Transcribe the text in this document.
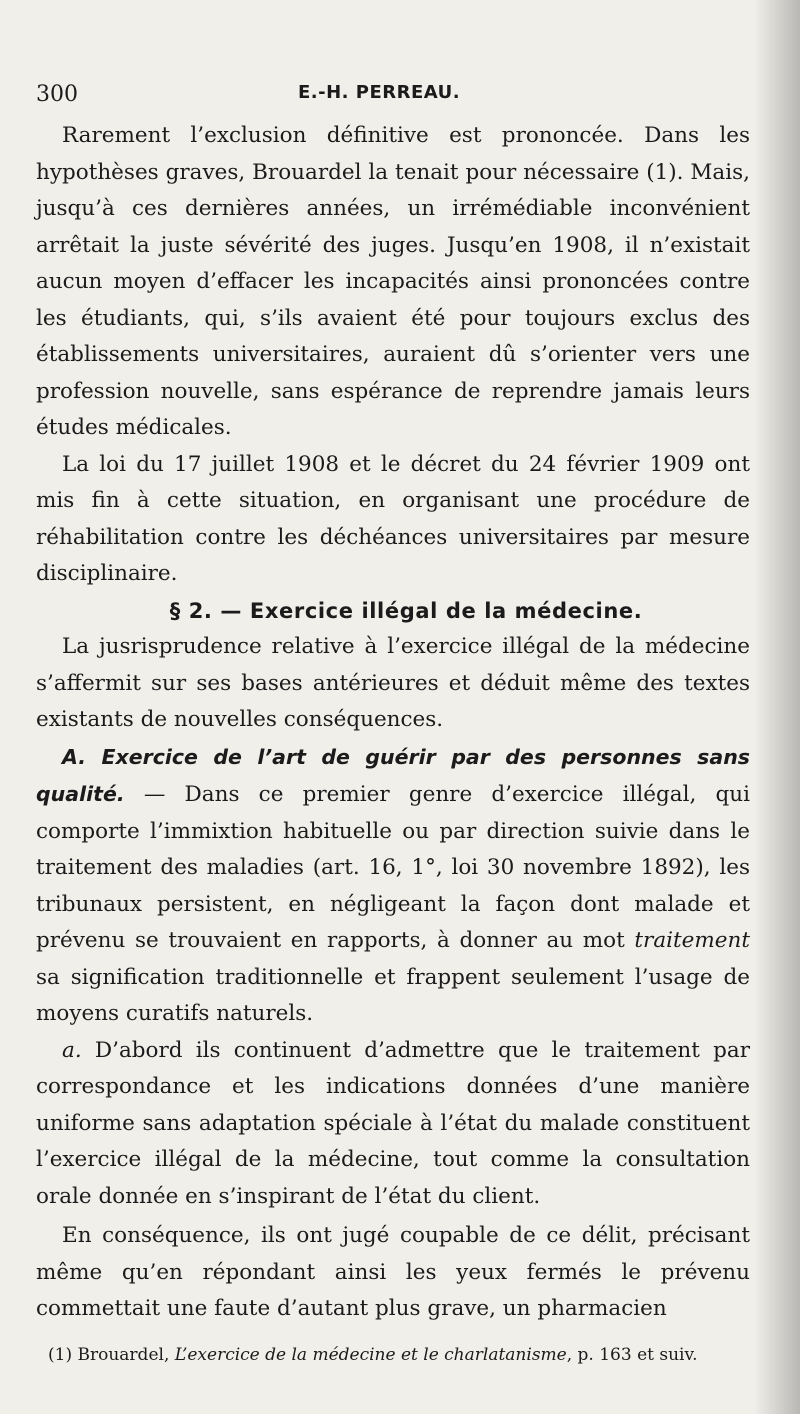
300	E.-H. PERREAU.

Rarement l’exclusion définitive est prononcée. Dans les hypothèses graves, Brouardel la tenait pour nécessaire (1). Mais, jusqu’à ces dernières années, un irrémédiable inconvénient arrêtait la juste sévérité des juges. Jusqu’en 1908, il n’existait aucun moyen d’effacer les incapacités ainsi prononcées contre les étudiants, qui, s’ils avaient été pour toujours exclus des établissements universitaires, auraient dû s’orienter vers une profession nouvelle, sans espérance de reprendre jamais leurs études médicales.

La loi du 17 juillet 1908 et le décret du 24 février 1909 ont mis fin à cette situation, en organisant une procédure de réhabilitation contre les déchéances universitaires par mesure disciplinaire.

§ 2. — Exercice illégal de la médecine.

La jusrisprudence relative à l’exercice illégal de la médecine s’affermit sur ses bases antérieures et déduit même des textes existants de nouvelles conséquences.

A. Exercice de l’art de guérir par des personnes sans qualité. — Dans ce premier genre d’exercice illégal, qui comporte l’immixtion habituelle ou par direction suivie dans le traitement des maladies (art. 16, 1°, loi 30 novembre 1892), les tribunaux persistent, en négligeant la façon dont malade et prévenu se trouvaient en rapports, à donner au mot traitement sa signification traditionnelle et frappent seulement l’usage de moyens curatifs naturels.

a. D’abord ils continuent d’admettre que le traitement par correspondance et les indications données d’une manière uniforme sans adaptation spéciale à l’état du malade constituent l’exercice illégal de la médecine, tout comme la consultation orale donnée en s’inspirant de l’état du client.

En conséquence, ils ont jugé coupable de ce délit, précisant même qu’en répondant ainsi les yeux fermés le prévenu commettait une faute d’autant plus grave, un pharmacien

(1) Brouardel, L’exercice de la médecine et le charlatanisme, p. 163 et suiv.
